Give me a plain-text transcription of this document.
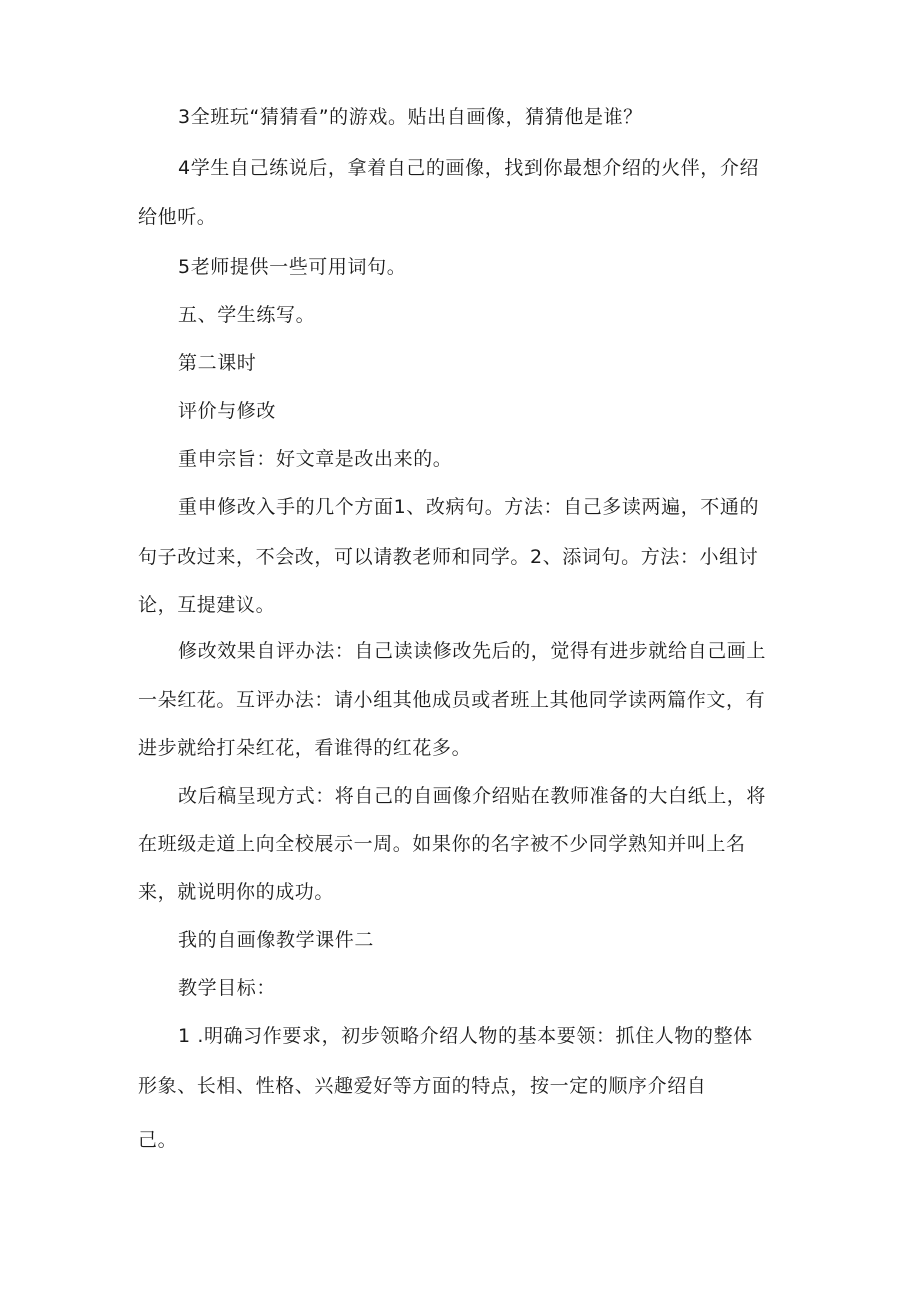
3全班玩“猜猜看”的游戏。贴出自画像，猜猜他是谁？
4学生自己练说后，拿着自己的画像，找到你最想介绍的火伴，介绍
给他听。
5老师提供一些可用词句。
五、学生练写。
第二课时
评价与修改
重申宗旨：好文章是改出来的。
重申修改入手的几个方面1、改病句。方法：自己多读两遍，不通的
句子改过来，不会改，可以请教老师和同学。2、添词句。方法：小组讨
论，互提建议。
修改效果自评办法：自己读读修改先后的，觉得有进步就给自己画上
一朵红花。互评办法：请小组其他成员或者班上其他同学读两篇作文，有
进步就给打朵红花，看谁得的红花多。
改后稿呈现方式：将自己的自画像介绍贴在教师准备的大白纸上，将
在班级走道上向全校展示一周。如果你的名字被不少同学熟知并叫上名
来，就说明你的成功。
我的自画像教学课件二
教学目标：
1 .明确习作要求，初步领略介绍人物的基本要领：抓住人物的整体
形象、长相、性格、兴趣爱好等方面的特点，按一定的顺序介绍自
己。
